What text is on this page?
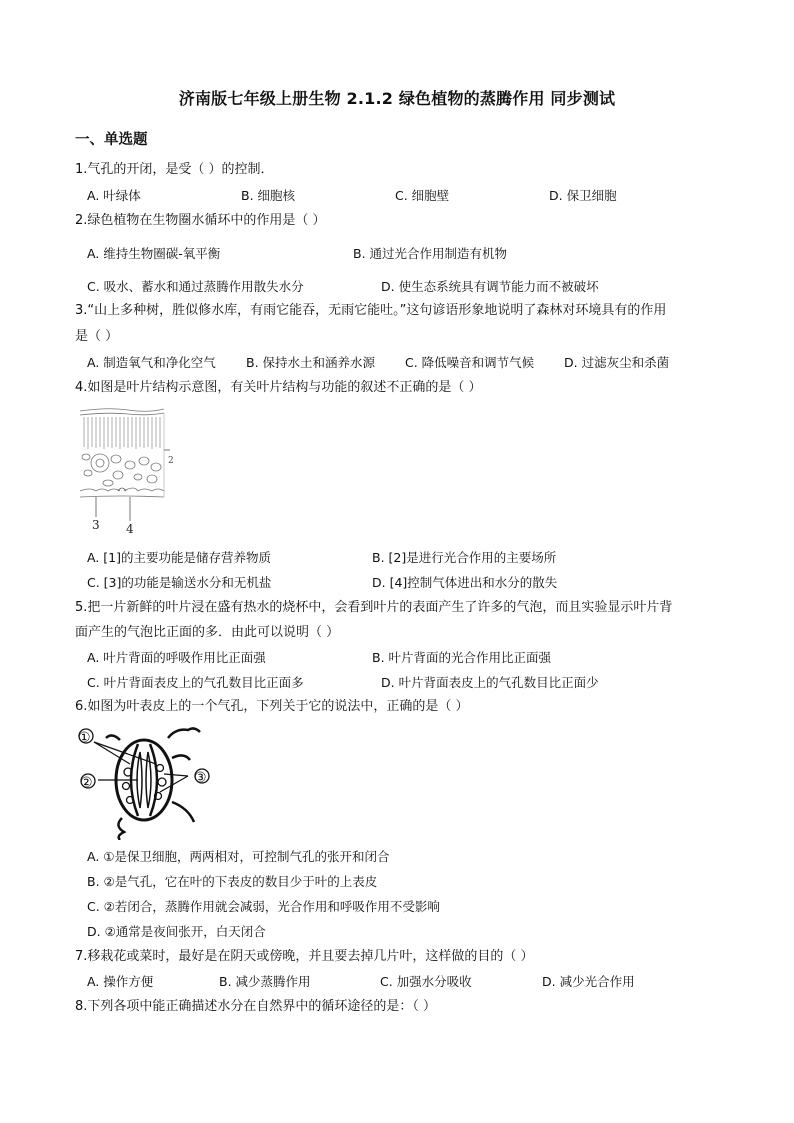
济南版七年级上册生物 2.1.2 绿色植物的蒸腾作用 同步测试
一、单选题
1.气孔的开闭，是受（ ）的控制．
A. 叶绿体	B. 细胞核	C. 细胞壁	D. 保卫细胞
2.绿色植物在生物圈水循环中的作用是（ ）
A. 维持生物圈碳-氧平衡	B. 通过光合作用制造有机物
C. 吸水、蓄水和通过蒸腾作用散失水分	D. 使生态系统具有调节能力而不被破坏
3.“山上多种树，胜似修水库，有雨它能吞，无雨它能吐。”这句谚语形象地说明了森林对环境具有的作用
是（ ）
A. 制造氧气和净化空气 B. 保持水土和涵养水源 C. 降低噪音和调节气候 D. 过滤灰尘和杀菌
4.如图是叶片结构示意图，有关叶片结构与功能的叙述不正确的是（ ）
2
3 4
A. [1]的主要功能是储存营养物质	B. [2]是进行光合作用的主要场所
C. [3]的功能是输送水分和无机盐	D. [4]控制气体进出和水分的散失
5.把一片新鲜的叶片浸在盛有热水的烧杯中，会看到叶片的表面产生了许多的气泡，而且实验显示叶片背
面产生的气泡比正面的多．由此可以说明（ ）
A. 叶片背面的呼吸作用比正面强	B. 叶片背面的光合作用比正面强
C. 叶片背面表皮上的气孔数目比正面多	D. 叶片背面表皮上的气孔数目比正面少
6.如图为叶表皮上的一个气孔，下列关于它的说法中，正确的是（ ）
①
②	③
A. ①是保卫细胞，两两相对，可控制气孔的张开和闭合
B. ②是气孔，它在叶的下表皮的数目少于叶的上表皮
C. ②若闭合，蒸腾作用就会减弱，光合作用和呼吸作用不受影响
D. ②通常是夜间张开，白天闭合
7.移栽花或菜时，最好是在阴天或傍晚，并且要去掉几片叶，这样做的目的（ ）
A. 操作方便	B. 减少蒸腾作用	C. 加强水分吸收	D. 减少光合作用
8.下列各项中能正确描述水分在自然界中的循环途径的是：（ ）
